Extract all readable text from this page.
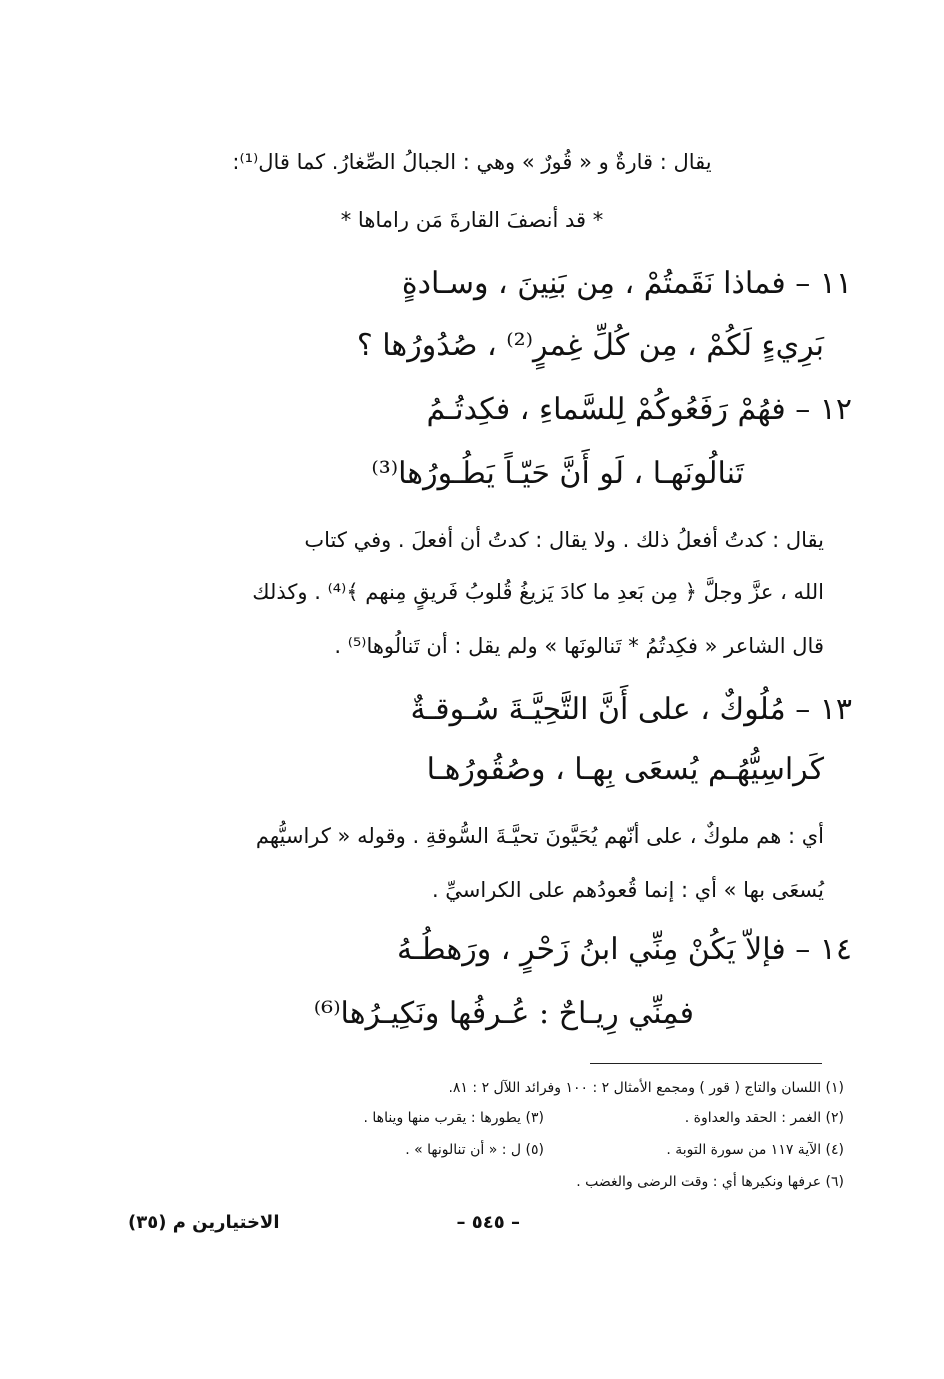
يقال : قارةٌ و « قُورٌ » وهي : الجبالُ الصِّغارُ. كما قال⁽¹⁾:
* قد أنصفَ القارةَ مَن راماها *
١١ – فماذا نَقَمتُمْ ، مِن بَنِينَ ، وسـادةٍ
بَرِيءٍ لَكُمْ ، مِن كُلِّ غِمرٍ⁽²⁾ ، صُدُورُها ؟
١٢ – فهُمْ رَفَعُوكُمْ لِلسَّماءِ ، فكِدتُـمُ
تَنالُونَهـا ، لَو أَنَّ حَيّـاً يَطُـورُها⁽³⁾
يقال : كدتُ أفعلُ ذلك . ولا يقال : كدتُ أن أفعلَ . وفي كتاب
الله ، عزَّ وجلَّ ﴿ مِن بَعدِ ما كادَ يَزيغُ قُلوبُ فَريقٍ مِنهم ﴾⁽⁴⁾ . وكذلك
قال الشاعر « فكِدتُمُ * تَنالونَها » ولم يقل : أن تَنالُوها⁽⁵⁾ .
١٣ – مُلُوكٌ ، على أَنَّ التَّحِيَّـةَ سُـوقـةٌ
كَراسِيُّهُـم يُسعَى بِهـا ، وصُقُورُهـا
أي : هم ملوكٌ ، على أنّهم يُحَيَّونَ تحيَّـةَ السُّوقةِ . وقوله « كراسيُّهم
يُسعَى بها » أي : إنما قُعودُهم على الكراسيِّ .
١٤ – فإلاّ يَكُنْ مِنِّي ابنُ زَحْرٍ ، ورَهطُـهُ
فمِنِّي رِيـاحٌ : عُـرفُها ونَكِيـرُها⁽⁶⁾
(١) اللسان والتاج ( قور ) ومجمع الأمثال ٢ : ١٠٠ وفرائد اللآل ٢ : ٨١.
(٢) الغمر : الحقد والعداوة .
(٣) يطورها : يقرب منها ويناها .
(٤) الآية ١١٧ من سورة التوبة .
(٥) ل : « أن تنالونها » .
(٦) عرفها ونكيرها أي : وقت الرضى والغضب .
– ٥٤٥ –
الاختيارين م (٣٥)
